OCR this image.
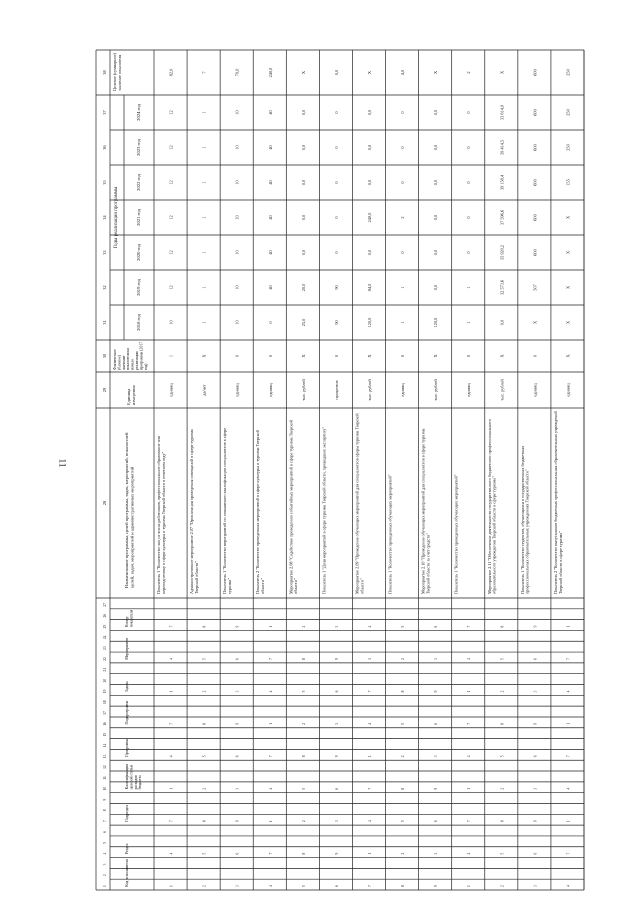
11	Наименование программы, целей программы, задач, мероприятий, показателейцелей, задач, мероприятий и административных мероприятий
Единицаизмерения
Фактическое(базовое)значениепоказателя наначалореализациипрограммы (2017год)
Годы реализации программы
Целевое (суммарное)значение показателя
2018 год
2019 год
2020 год
2021 год
2022 год
2023 год
2024 год
28
29
30
31
32
33
34
35
36
37
38
Код исполнителя
Раздел
Подраздел
Классификацияцелевой статьирасходовбюджета
Программа
Подпрограмма
Задача
Мероприятие
Номерпоказателя
1
2
3
4
5
6
7
8
9
10
11
12
13
14
15
16
17
18
19
20
21
22
23
24
25
26
27
Показатель 1 "Количество лиц из числа работников, профессиональное образование илипереподготовку в сфере культуры и туризма Тверской области в отчетном году"
единиц
1
10
12
12
12
12
12
12
82,0
1
4
7
1
4
7
1
4
7
Административное мероприятие 2.07 "Организация проведения совещаний в сфере туризмаТверской области"
да/нет
X
1
1
1
1
1
1
1
7
2
5
8
2
5
8
2
5
8
Показатель 1 "Количество мероприятий по повышению квалификации специалистов в сферетуризма"
единиц
0
10
10
10
10
10
10
10
70,0
3
6
9
3
6
9
3
6
9
Показатель 2 "Количество проведенных мероприятий в сфере культуры и туризма Тверскойобласти"
единиц
0
0
40
40
40
40
40
40
240,0
4
7
1
4
7
1
4
7
1
Мероприятие 2.08 "Содействие проведению событийных мероприятий в сфере туризма Тверскойобласти"
тыс. рублей
X
25,0
20,0
0,0
0,0
0,0
0,0
0,0
X
5
8
2
5
8
2
5
8
2
Показатель 1 "Доля мероприятий в сфере туризма Тверской области, прошедших экспертизу"
процентов
0
90
90
0
0
0
0
0
0,0
6
9
3
6
9
3
6
9
3
Мероприятие 2.09 "Проведение обучающих мероприятий для специалистов сферы туризма Тверскойобласти"
тыс. рублей
X
120,0
84,0
0,0
240,0
0,0
0,0
0,0
X
7
1
4
7
1
4
7
1
4
Показатель 1 "Количество проведенных обучающих мероприятий"
единиц
0
1
1
0
2
0
0
0
4,0
8
2
5
8
2
5
8
2
5
Мероприятие 2.10 "Проведение обучающих мероприятий для специалистов в сфере туризмаТверской области за счет средств"
тыс. рублей
X
120,0
0,0
0,0
0,0
0,0
0,0
0,0
X
9
3
6
9
3
6
9
3
6
Показатель 1 "Количество проведенных обучающих мероприятий"
единиц
0
1
1
0
0
0
0
0
2
1
4
7
1
4
7
1
4
7
Мероприятие 2.11 "Обеспечение деятельности государственного бюджетного профессиональногообразовательного учреждения Тверской области в сфере туризма"
тыс. рублей
X
0,0
32 573,6
35 920,2
37 596,6
39 158,4
39 414,5
33 814,0
X
2
5
8
2
5
8
2
5
8
Показатель 1 "Количество студентов, обучающихся в государственных бюджетныхпрофессиональных образовательных учреждениях Тверской области"
единиц
0
X
507
600
600
600
600
600
600
3
6
9
3
6
9
3
6
9
Показатель 2 "Количество выпускников бюджетных профессиональных образовательных учрежденийТверской области в сфере туризма"
единиц
X
X
X
X
X
155
250
250
250
4
7
1
4
7
1
4
7
1
